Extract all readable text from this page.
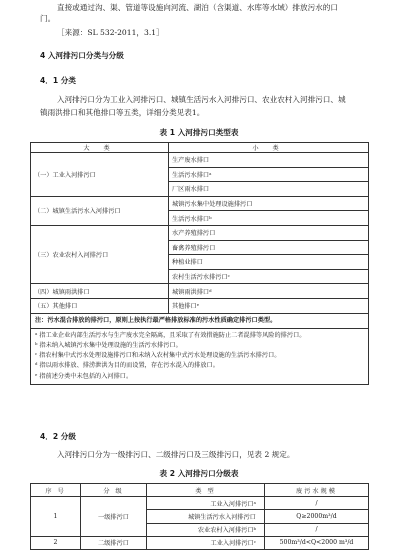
直接或通过沟、渠、管道等设施向河流、湖泊（含渠道、水库等水域）排放污水的口
门。
［来源：SL 532-2011，3.1］
4 入河排污口分类与分级
4．1 分类
入河排污口分为工业入河排污口、城镇生活污水入河排污口、农业农村入河排污口、城
镇雨洪排口和其他排口等五类，详细分类见表1。
表 1 入河排污口类型表
大 类	小 类
（一）工业入河排污口	生产废水排口
	生活污水排口ᵃ
	厂区雨水排口
（二）城镇生活污水入河排污口	城镇污水集中处理设施排污口
	生活污水排口ᵇ
（三）农业农村入河排污口	水产养殖排污口
	畜禽养殖排污口
	种植业排口
	农村生活污水排污口ᶜ
（四）城镇雨洪排口	城镇雨洪排口ᵈ
（五）其他排口	其他排口ᵉ
注：污水混合排放的排污口，原则上按执行最严格排放标准的污水性质确定排污口类型。	

ᵃ 指工业企业内部生活污水与生产废水完全隔离，且采取了有效措施防止二者混排等风险的排污口。
ᵇ 指未纳入城镇污水集中处理设施的生活污水排污口。
ᶜ 指农村集中式污水处理设施排污口和未纳入农村集中式污水处理设施的生活污水排污口。
ᵈ 指以雨水排放、排涝泄洪为目的而设置，存在污水混入的排放口。
ᵉ 指前述分类中未包括的入河排口。	
4．2 分级
入河排污口分为一级排污口、二级排污口及三级排污口，见表 2 规定。
表 2 入河排污口分级表
序 号	分 级	类 型	废污水规模
1	一级排污口	工业入河排污口ᵃ	/
		城镇生活污水入河排污口	Q≥2000m³/d
		农业农村入河排污口ᵇ	/
2	二级排污口	工业入河排污口ᶜ	500m³/d<Q<2000 m³/d
